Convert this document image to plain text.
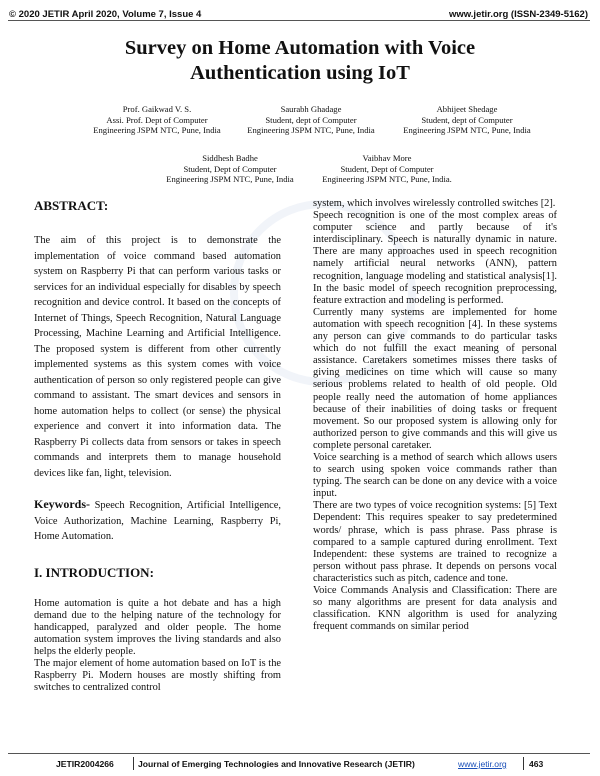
© 2020 JETIR April 2020, Volume 7, Issue 4	www.jetir.org (ISSN-2349-5162)
Survey on Home Automation with Voice
Authentication using IoT
Prof. Gaikwad V. S.
Assi. Prof. Dept of Computer
Engineering JSPM NTC, Pune, India
Saurabh Ghadage
Student, dept of Computer
Engineering JSPM NTC, Pune, India
Abhijeet Shedage
Student, dept of Computer
Engineering JSPM NTC, Pune, India
Siddhesh Badhe
Student, Dept of Computer
Engineering JSPM NTC, Pune, India
Vaibhav More
Student, Dept of Computer
Engineering JSPM NTC, Pune, India.

ABSTRACT:

The aim of this project is to demonstrate the implementation of voice command based automation system on Raspberry Pi that can perform various tasks or services for an individual especially for disables by speech recognition and device control. It based on the concepts of Internet of Things, Speech Recognition, Natural Language Processing, Machine Learning and Artificial Intelligence. The proposed system is different from other currently implemented systems as this system comes with voice authentication of person so only registered people can give command to assistant. The smart devices and sensors in home automation helps to collect (or sense) the physical experience and convert it into information data. The Raspberry Pi collects data from sensors or takes in speech commands and interprets them to manage household devices like fan, light, television.

Keywords- Speech Recognition, Artificial Intelligence, Voice Authorization, Machine Learning, Raspberry Pi, Home Automation.

I. INTRODUCTION:

Home automation is quite a hot debate and has a high demand due to the helping nature of the technology for handicapped, paralyzed and older people. The home automation system improves the living standards and also helps the elderly people.

The major element of home automation based on IoT is the Raspberry Pi. Modern houses are mostly shifting from switches to centralized control

system, which involves wirelessly controlled switches [2].

Speech recognition is one of the most complex areas of computer science and partly because of it's interdisciplinary. Speech is naturally dynamic in nature. There are many approaches used in speech recognition namely artificial neural networks (ANN), pattern recognition, language modeling and statistical analysis[1]. In the basic model of speech recognition preprocessing, feature extraction and modeling is performed.

Currently many systems are implemented for home automation with speech recognition [4]. In these systems any person can give commands to do particular tasks which do not fulfill the exact meaning of personal assistance. Caretakers sometimes misses there tasks of giving medicines on time which will cause so many serious problems related to health of old people. Old people really need the automation of home appliances because of their inabilities of doing tasks or frequent movement. So our proposed system is allowing only for authorized person to give commands and this will give us complete personal caretaker.

Voice searching is a method of search which allows users to search using spoken voice commands rather than typing. The search can be done on any device with a voice input.

There are two types of voice recognition systems: [5] Text Dependent: This requires speaker to say predetermined words/ phrase, which is pass phrase. Pass phrase is compared to a sample captured during enrollment. Text Independent: these systems are trained to recognize a person without pass phrase. It depends on persons vocal characteristics such as pitch, cadence and tone.

Voice Commands Analysis and Classification: There are so many algorithms are present for data analysis and classification. KNN algorithm is used for analyzing frequent commands on similar period

JETIR2004266	Journal of Emerging Technologies and Innovative Research (JETIR)	www.jetir.org	463
